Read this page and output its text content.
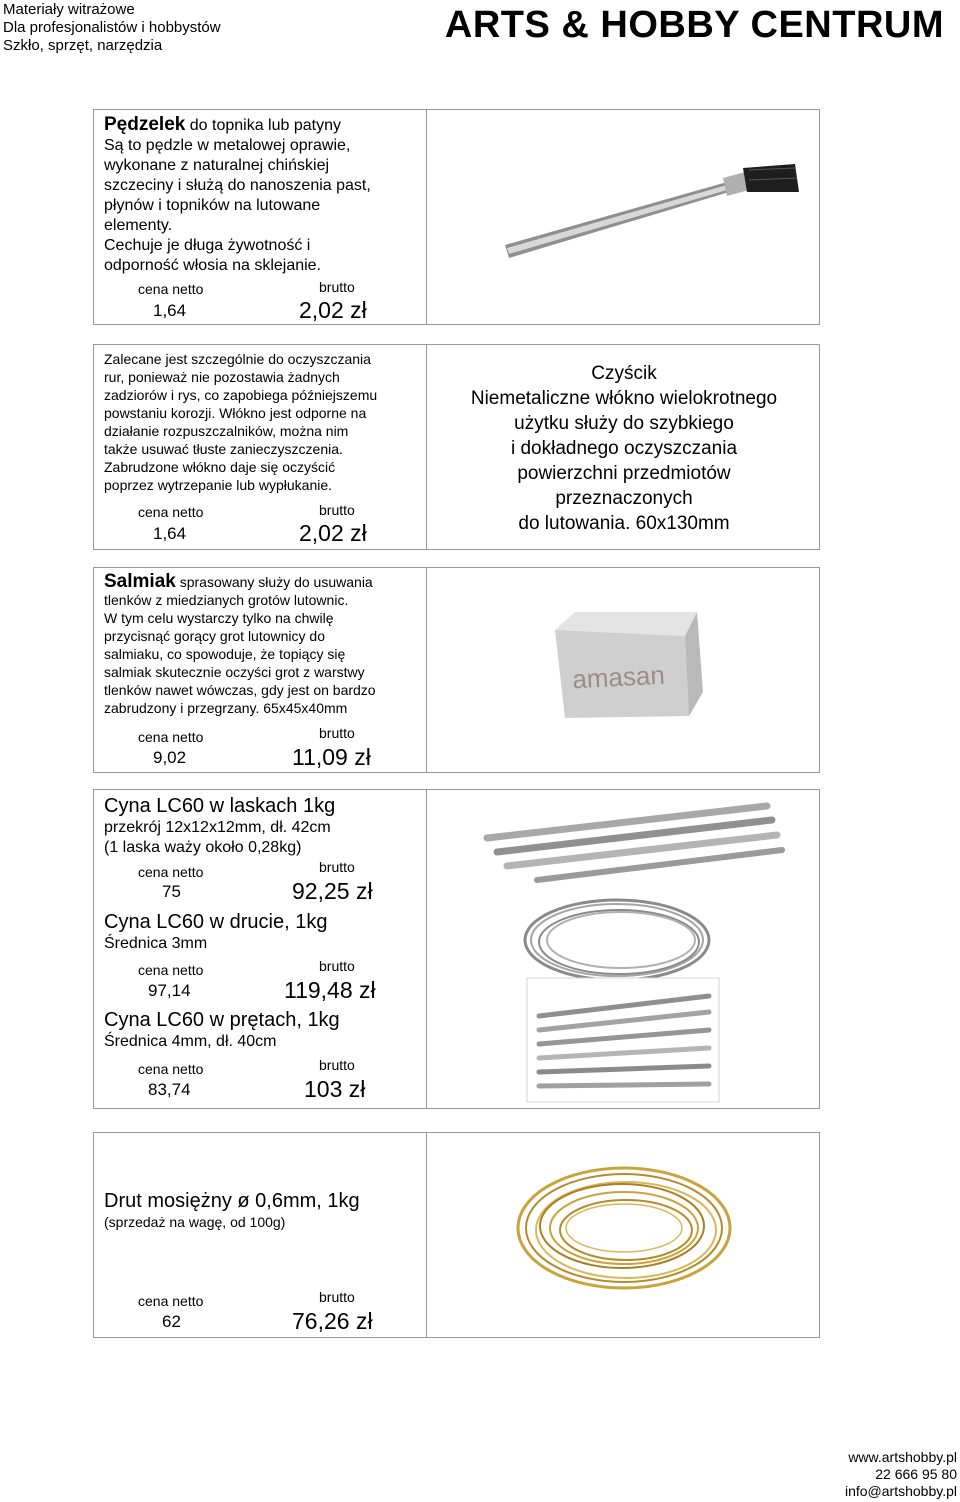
Materiały witrażowe
Dla profesjonalistów i hobbystów
Szkło, sprzęt, narzędzia	ARTS & HOBBY CENTRUM
Pędzelek do topnika lub patyny
Są to pędzle w metalowej oprawie,
wykonane z naturalnej chińskiej
szczeciny i służą do nanoszenia past,
płynów i topników na lutowane
elementy.
Cechuje je długa żywotność i
odporność włosia na sklejanie.
cena netto	brutto
1,64	2,02 zł
Zalecane jest szczególnie do oczyszczania
rur, ponieważ nie pozostawia żadnych
zadziorów i rys, co zapobiega późniejszemu
powstaniu korozji. Włókno jest odporne na
działanie rozpuszczalników, można nim
także usuwać tłuste zanieczyszczenia.
Zabrudzone włókno daje się oczyścić
poprzez wytrzepanie lub wypłukanie.
cena netto	brutto
1,64	2,02 zł
Czyścik
Niemetaliczne włókno wielokrotnego
użytku służy do szybkiego
i dokładnego oczyszczania
powierzchni przedmiotów
przeznaczonych
do lutowania. 60x130mm
Salmiak sprasowany służy do usuwania
tlenków z miedzianych grotów lutownic.
W tym celu wystarczy tylko na chwilę
przycisnąć gorący grot lutownicy do
salmiaku, co spowoduje, że topiący się
salmiak skutecznie oczyści grot z warstwy
tlenków nawet wówczas, gdy jest on bardzo
zabrudzony i przegrzany. 65x45x40mm
cena netto	brutto
9,02	11,09 zł
amasan
Cyna LC60 w laskach 1kg
przekrój 12x12x12mm, dł. 42cm
(1 laska waży około 0,28kg)
cena netto	brutto
75	92,25 zł
Cyna LC60 w drucie, 1kg
Średnica 3mm
cena netto	brutto
97,14	119,48 zł
Cyna LC60 w prętach, 1kg
Średnica 4mm, dł. 40cm
cena netto	brutto
83,74	103 zł
Drut mosiężny ø 0,6mm, 1kg
(sprzedaż na wagę, od 100g)
cena netto	brutto
62	76,26 zł
www.artshobby.pl
22 666 95 80
info@artshobby.pl
